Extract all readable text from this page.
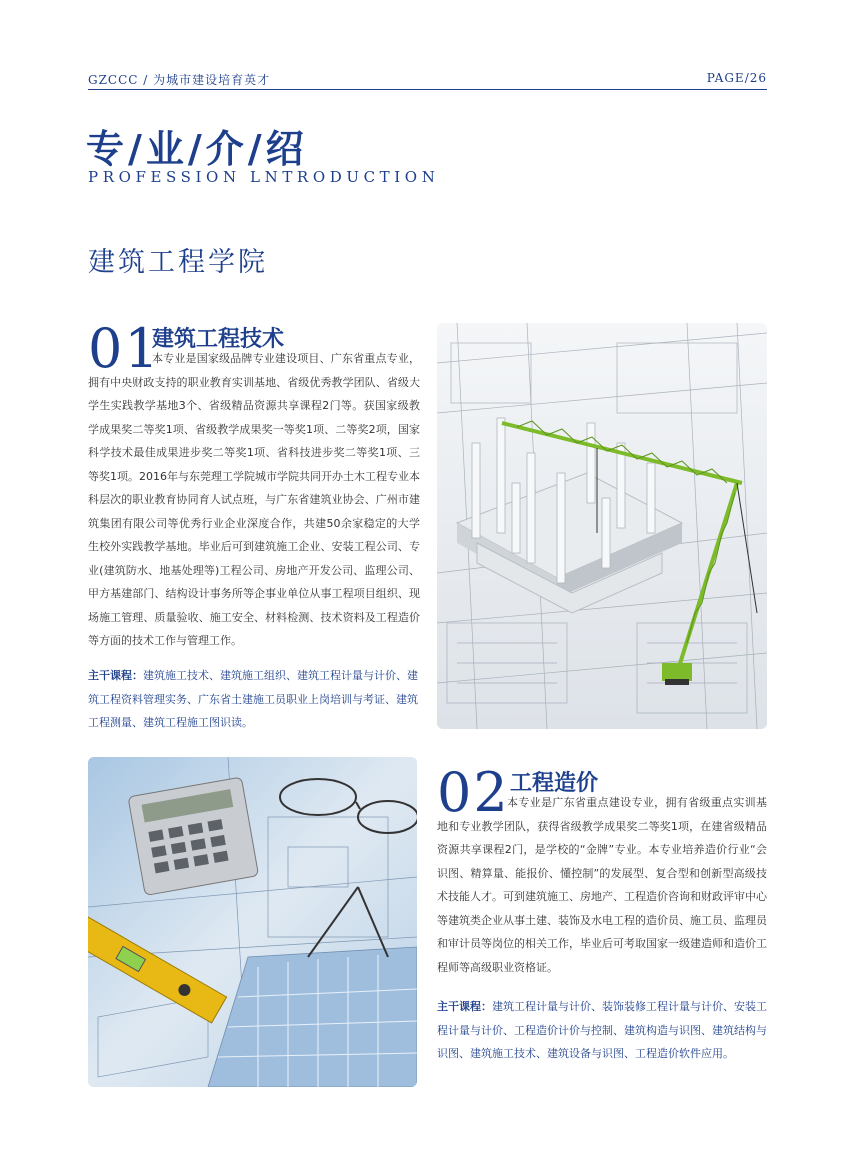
GZCCC / 为城市建设培育英才	PAGE/26
专/业/介/绍
PROFESSION LNTRODUCTION
建筑工程学院
01
建筑工程技术
本专业是国家级品牌专业建设项目、广东省重点专业，拥有中央财政支持的职业教育实训基地、省级优秀教学团队、省级大学生实践教学基地3个、省级精品资源共享课程2门等。获国家级教学成果奖二等奖1项、省级教学成果奖一等奖1项、二等奖2项，国家科学技术最佳成果进步奖二等奖1项、省科技进步奖二等奖1项、三等奖1项。2016年与东莞理工学院城市学院共同开办土木工程专业本科层次的职业教育协同育人试点班，与广东省建筑业协会、广州市建筑集团有限公司等优秀行业企业深度合作，共建50余家稳定的大学生校外实践教学基地。毕业后可到建筑施工企业、安装工程公司、专业(建筑防水、地基处理等)工程公司、房地产开发公司、监理公司、甲方基建部门、结构设计事务所等企事业单位从事工程项目组织、现场施工管理、质量验收、施工安全、材料检测、技术资料及工程造价等方面的技术工作与管理工作。
主干课程：建筑施工技术、建筑施工组织、建筑工程计量与计价、建筑工程资料管理实务、广东省土建施工员职业上岗培训与考证、建筑工程测量、建筑工程施工图识读。
02 工程造价
本专业是广东省重点建设专业，拥有省级重点实训基地和专业教学团队，获得省级教学成果奖二等奖1项，在建省级精品资源共享课程2门，是学校的“金牌”专业。本专业培养造价行业“会识图、精算量、能报价、懂控制”的发展型、复合型和创新型高级技术技能人才。可到建筑施工、房地产、工程造价咨询和财政评审中心等建筑类企业从事土建、装饰及水电工程的造价员、施工员、监理员和审计员等岗位的相关工作，毕业后可考取国家一级建造师和造价工程师等高级职业资格证。
主干课程：建筑工程计量与计价、装饰装修工程计量与计价、安装工程计量与计价、工程造价计价与控制、建筑构造与识图、建筑结构与识图、建筑施工技术、建筑设备与识图、工程造价软件应用。
